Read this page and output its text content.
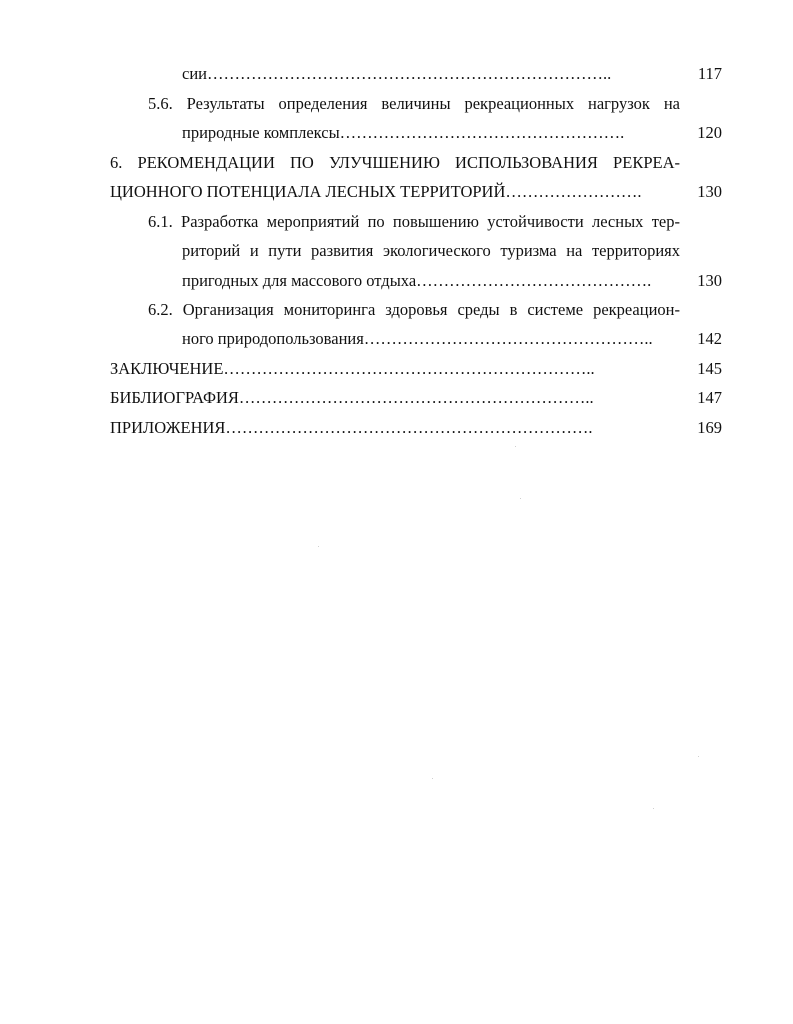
сии………………………………………………………………..	117
5.6. Результаты определения величины рекреационных нагрузок на
природные комплексы…………………………………………….	120
6. РЕКОМЕНДАЦИИ ПО УЛУЧШЕНИЮ ИСПОЛЬЗОВАНИЯ РЕКРЕА-
ЦИОННОГО ПОТЕНЦИАЛА ЛЕСНЫХ ТЕРРИТОРИЙ…………………….	130
6.1. Разработка мероприятий по повышению устойчивости лесных тер-
риторий и пути развития экологического туризма на территориях
пригодных для массового отдыха…………………………………….	130
6.2. Организация мониторинга здоровья среды в системе рекреацион-
ного природопользования……………………………………………..	142
ЗАКЛЮЧЕНИЕ…………………………………………………………..	145
БИБЛИОГРАФИЯ………………………………………………………..	147
ПРИЛОЖЕНИЯ………………………………………………………….	169
